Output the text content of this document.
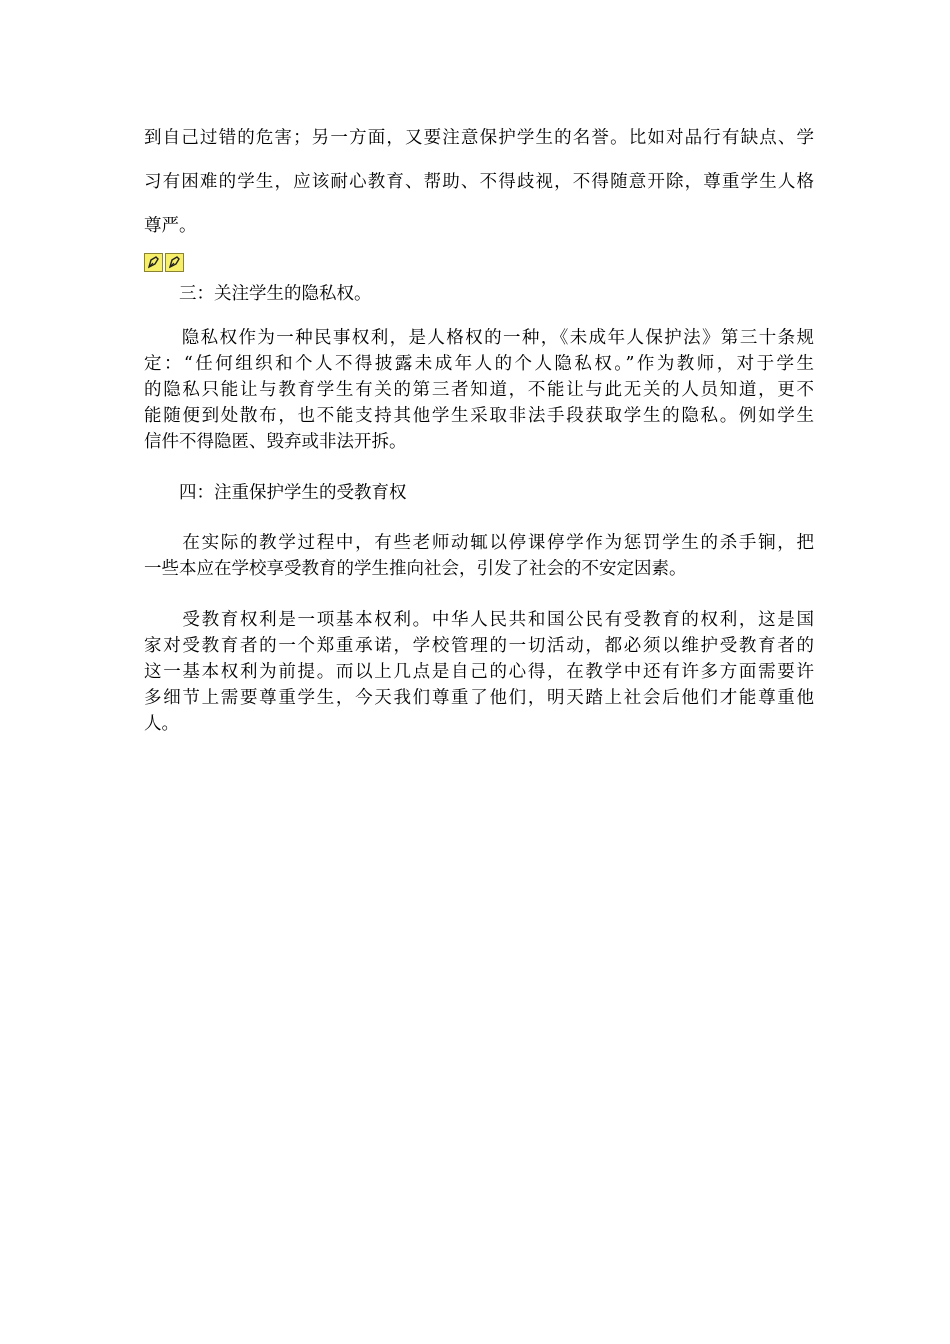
到自己过错的危害；另一方面，又要注意保护学生的名誉。比如对品行有缺点、学
习有困难的学生，应该耐心教育、帮助、不得歧视，不得随意开除，尊重学生人格
尊严。
　　三：关注学生的隐私权。
　　隐私权作为一种民事权利，是人格权的一种，《未成年人保护法》第三十条规
定：“任何组织和个人不得披露未成年人的个人隐私权。”作为教师，对于学生
的隐私只能让与教育学生有关的第三者知道，不能让与此无关的人员知道，更不
能随便到处散布，也不能支持其他学生采取非法手段获取学生的隐私。例如学生
信件不得隐匿、毁弃或非法开拆。
　　四：注重保护学生的受教育权
　　在实际的教学过程中，有些老师动辄以停课停学作为惩罚学生的杀手锏，把
一些本应在学校享受教育的学生推向社会，引发了社会的不安定因素。
　　受教育权利是一项基本权利。中华人民共和国公民有受教育的权利，这是国
家对受教育者的一个郑重承诺，学校管理的一切活动，都必须以维护受教育者的
这一基本权利为前提。而以上几点是自己的心得，在教学中还有许多方面需要许
多细节上需要尊重学生，今天我们尊重了他们，明天踏上社会后他们才能尊重他
人。
